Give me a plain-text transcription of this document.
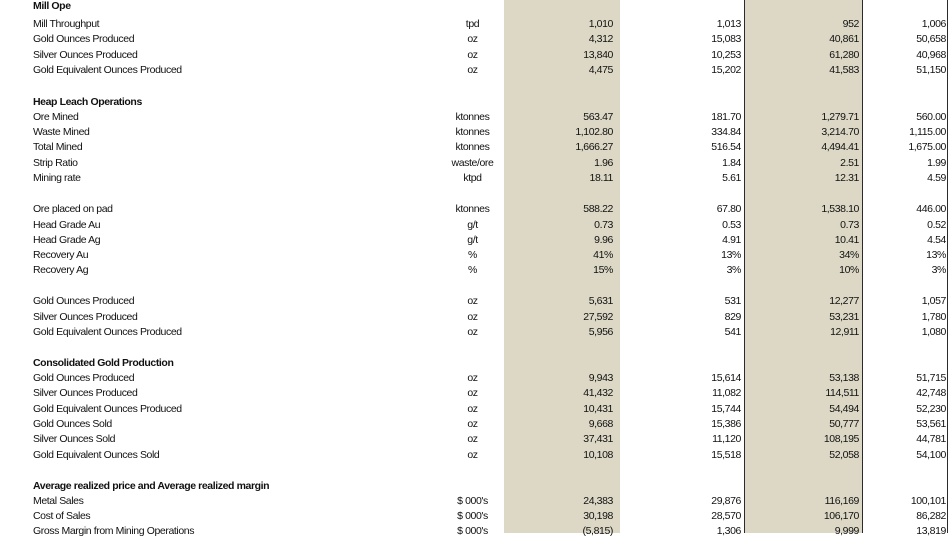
Mill Ope
Mill Throughput	tpd	1,010	1,013	952	1,006
Gold Ounces Produced	oz	4,312	15,083	40,861	50,658
Silver Ounces Produced	oz	13,840	10,253	61,280	40,968
Gold Equivalent Ounces Produced	oz	4,475	15,202	41,583	51,150
Heap Leach Operations
Ore Mined	ktonnes	563.47	181.70	1,279.71	560.00
Waste Mined	ktonnes	1,102.80	334.84	3,214.70	1,115.00
Total Mined	ktonnes	1,666.27	516.54	4,494.41	1,675.00
Strip Ratio	waste/ore	1.96	1.84	2.51	1.99
Mining rate	ktpd	18.11	5.61	12.31	4.59
Ore placed on pad	ktonnes	588.22	67.80	1,538.10	446.00
Head Grade Au	g/t	0.73	0.53	0.73	0.52
Head Grade Ag	g/t	9.96	4.91	10.41	4.54
Recovery Au	%	41%	13%	34%	13%
Recovery Ag	%	15%	3%	10%	3%
Gold Ounces Produced	oz	5,631	531	12,277	1,057
Silver Ounces Produced	oz	27,592	829	53,231	1,780
Gold Equivalent Ounces Produced	oz	5,956	541	12,911	1,080
Consolidated Gold Production
Gold Ounces Produced	oz	9,943	15,614	53,138	51,715
Silver Ounces Produced	oz	41,432	11,082	114,511	42,748
Gold Equivalent Ounces Produced	oz	10,431	15,744	54,494	52,230
Gold Ounces Sold	oz	9,668	15,386	50,777	53,561
Silver Ounces Sold	oz	37,431	11,120	108,195	44,781
Gold Equivalent Ounces Sold	oz	10,108	15,518	52,058	54,100
Average realized price and Average realized margin
Metal Sales	$ 000's	24,383	29,876	116,169	100,101
Cost of Sales	$ 000's	30,198	28,570	106,170	86,282
Gross Margin from Mining Operations	$ 000's	(5,815)	1,306	9,999	13,819
